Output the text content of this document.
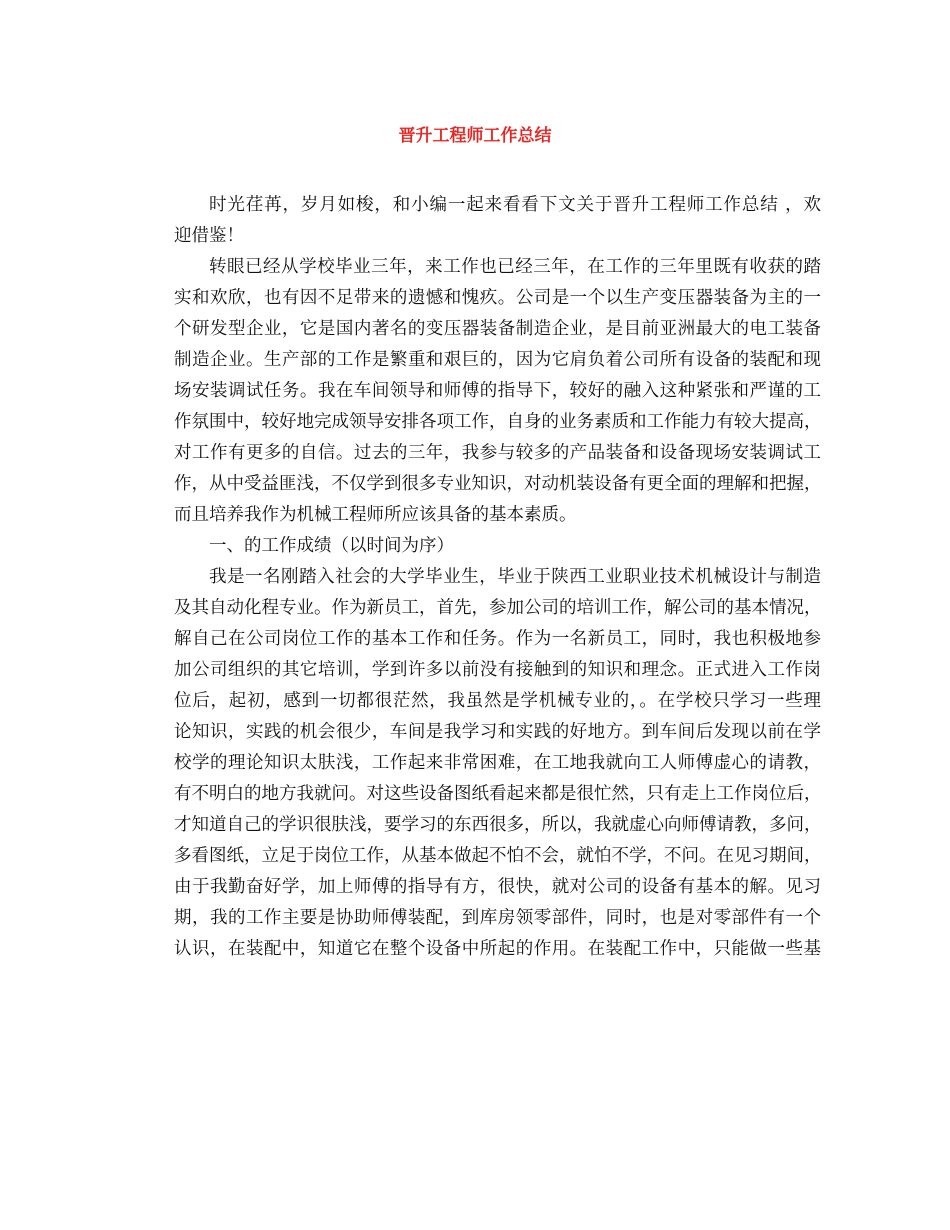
晋升工程师工作总结
时光荏苒，岁月如梭，和小编一起来看看下文关于晋升工程师工作总结 ，欢
迎借鉴！
转眼已经从学校毕业三年，来工作也已经三年，在工作的三年里既有收获的踏
实和欢欣，也有因不足带来的遗憾和愧疚。公司是一个以生产变压器装备为主的一
个研发型企业，它是国内著名的变压器装备制造企业，是目前亚洲最大的电工装备
制造企业。生产部的工作是繁重和艰巨的，因为它肩负着公司所有设备的装配和现
场安装调试任务。我在车间领导和师傅的指导下，较好的融入这种紧张和严谨的工
作氛围中，较好地完成领导安排各项工作，自身的业务素质和工作能力有较大提高，
对工作有更多的自信。过去的三年，我参与较多的产品装备和设备现场安装调试工
作，从中受益匪浅，不仅学到很多专业知识，对动机装设备有更全面的理解和把握，
而且培养我作为机械工程师所应该具备的基本素质。
一、的工作成绩（以时间为序）
我是一名刚踏入社会的大学毕业生，毕业于陕西工业职业技术机械设计与制造
及其自动化程专业。作为新员工，首先，参加公司的培训工作，解公司的基本情况，
解自己在公司岗位工作的基本工作和任务。作为一名新员工，同时，我也积极地参
加公司组织的其它培训，学到许多以前没有接触到的知识和理念。正式进入工作岗
位后，起初，感到一切都很茫然，我虽然是学机械专业的，。在学校只学习一些理
论知识，实践的机会很少，车间是我学习和实践的好地方。到车间后发现以前在学
校学的理论知识太肤浅，工作起来非常困难，在工地我就向工人师傅虚心的请教，
有不明白的地方我就问。对这些设备图纸看起来都是很忙然，只有走上工作岗位后，
才知道自己的学识很肤浅，要学习的东西很多，所以，我就虚心向师傅请教，多问，
多看图纸，立足于岗位工作，从基本做起不怕不会，就怕不学，不问。在见习期间，
由于我勤奋好学，加上师傅的指导有方，很快，就对公司的设备有基本的解。见习
期，我的工作主要是协助师傅装配，到库房领零部件，同时，也是对零部件有一个
认识，在装配中，知道它在整个设备中所起的作用。在装配工作中，只能做一些基
